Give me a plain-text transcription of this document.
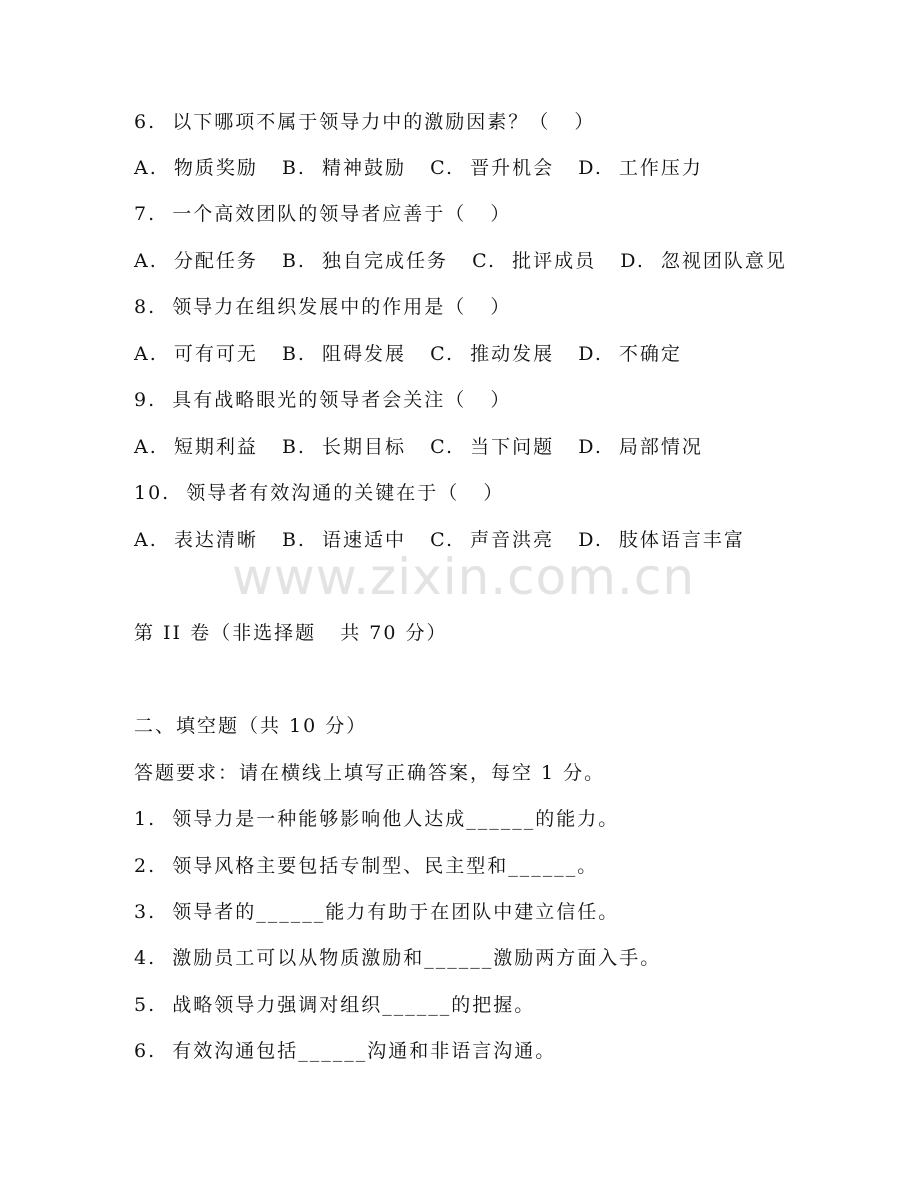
6.  以下哪项不属于领导力中的激励因素？（   ）
A.  物质奖励   B.  精神鼓励   C.  晋升机会   D.  工作压力
7.  一个高效团队的领导者应善于（   ）
A.  分配任务   B.  独自完成任务   C.  批评成员   D.  忽视团队意见
8.  领导力在组织发展中的作用是（   ）
A.  可有可无   B.  阻碍发展   C.  推动发展   D.  不确定
9.  具有战略眼光的领导者会关注（   ）
A.  短期利益   B.  长期目标   C.  当下问题   D.  局部情况
10.  领导者有效沟通的关键在于（   ）
A.  表达清晰   B.  语速适中   C.  声音洪亮   D.  肢体语言丰富
www.zixin.com.cn
第 II 卷（非选择题   共 70 分）
二、填空题（共 10 分）
答题要求：请在横线上填写正确答案，每空 1 分。
1.  领导力是一种能够影响他人达成______的能力。
2.  领导风格主要包括专制型、民主型和______。
3.  领导者的______能力有助于在团队中建立信任。
4.  激励员工可以从物质激励和______激励两方面入手。
5.  战略领导力强调对组织______的把握。
6.  有效沟通包括______沟通和非语言沟通。
